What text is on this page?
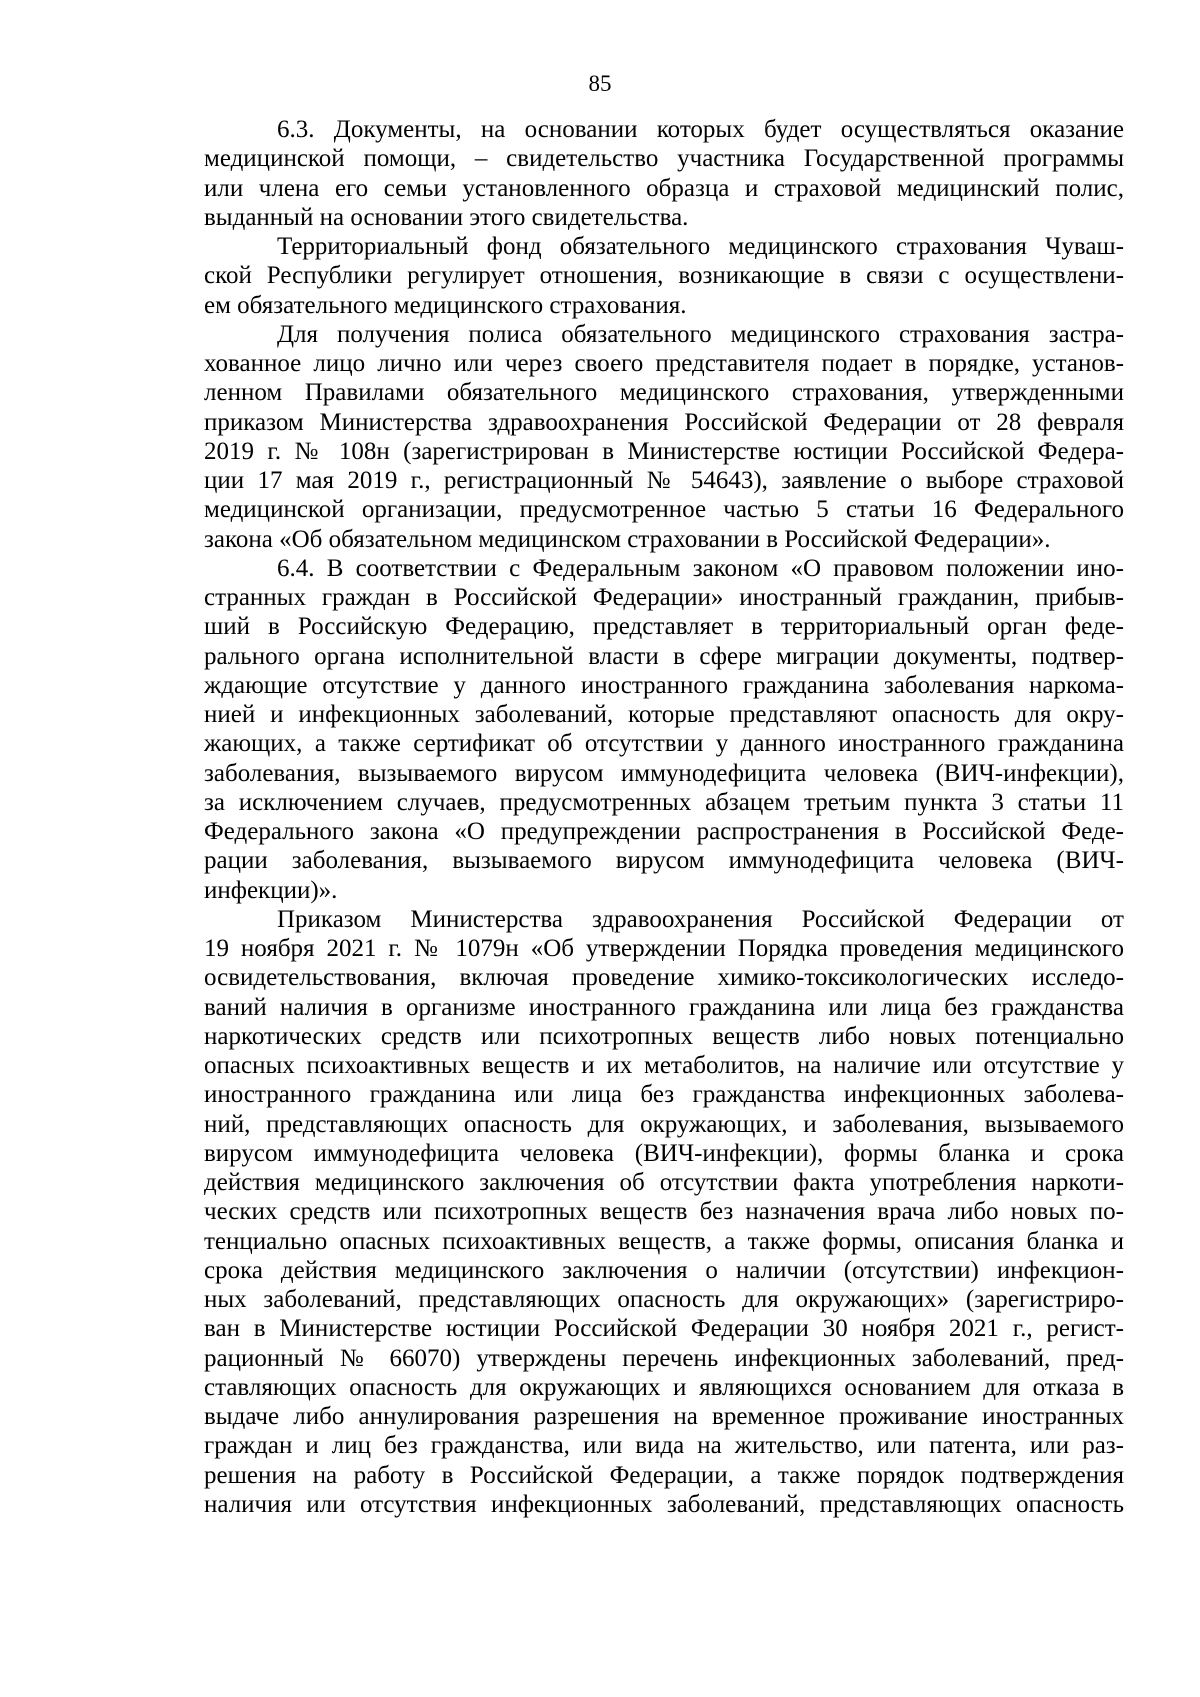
85
6.3. Документы, на основании которых будет осуществляться оказание
медицинской помощи, – свидетельство участника Государственной программы
или члена его семьи установленного образца и страховой медицинский полис,
выданный на основании этого свидетельства.
Территориальный фонд обязательного медицинского страхования Чуваш-
ской Республики регулирует отношения, возникающие в связи с осуществлени-
ем обязательного медицинского страхования.
Для получения полиса обязательного медицинского страхования застра-
хованное лицо лично или через своего представителя подает в порядке, установ-
ленном Правилами обязательного медицинского страхования, утвержденными
приказом Министерства здравоохранения Российской Федерации от 28 февраля
2019 г. № 108н (зарегистрирован в Министерстве юстиции Российской Федера-
ции 17 мая 2019 г., регистрационный № 54643), заявление о выборе страховой
медицинской организации, предусмотренное частью 5 статьи 16 Федерального
закона «Об обязательном медицинском страховании в Российской Федерации».
6.4. В соответствии с Федеральным законом «О правовом положении ино-
странных граждан в Российской Федерации» иностранный гражданин, прибыв-
ший в Российскую Федерацию, представляет в территориальный орган феде-
рального органа исполнительной власти в сфере миграции документы, подтвер-
ждающие отсутствие у данного иностранного гражданина заболевания наркома-
нией и инфекционных заболеваний, которые представляют опасность для окру-
жающих, а также сертификат об отсутствии у данного иностранного гражданина
заболевания, вызываемого вирусом иммунодефицита человека (ВИЧ-инфекции),
за исключением случаев, предусмотренных абзацем третьим пункта 3 статьи 11
Федерального закона «О предупреждении распространения в Российской Феде-
рации заболевания, вызываемого вирусом иммунодефицита человека (ВИЧ-
инфекции)».
Приказом Министерства здравоохранения Российской Федерации от
19 ноября 2021 г. № 1079н «Об утверждении Порядка проведения медицинского
освидетельствования, включая проведение химико-токсикологических исследо-
ваний наличия в организме иностранного гражданина или лица без гражданства
наркотических средств или психотропных веществ либо новых потенциально
опасных психоактивных веществ и их метаболитов, на наличие или отсутствие у
иностранного гражданина или лица без гражданства инфекционных заболева-
ний, представляющих опасность для окружающих, и заболевания, вызываемого
вирусом иммунодефицита человека (ВИЧ-инфекции), формы бланка и срока
действия медицинского заключения об отсутствии факта употребления наркоти-
ческих средств или психотропных веществ без назначения врача либо новых по-
тенциально опасных психоактивных веществ, а также формы, описания бланка и
срока действия медицинского заключения о наличии (отсутствии) инфекцион-
ных заболеваний, представляющих опасность для окружающих» (зарегистриро-
ван в Министерстве юстиции Российской Федерации 30 ноября 2021 г., регист-
рационный № 66070) утверждены перечень инфекционных заболеваний, пред-
ставляющих опасность для окружающих и являющихся основанием для отказа в
выдаче либо аннулирования разрешения на временное проживание иностранных
граждан и лиц без гражданства, или вида на жительство, или патента, или раз-
решения на работу в Российской Федерации, а также порядок подтверждения
наличия или отсутствия инфекционных заболеваний, представляющих опасность
